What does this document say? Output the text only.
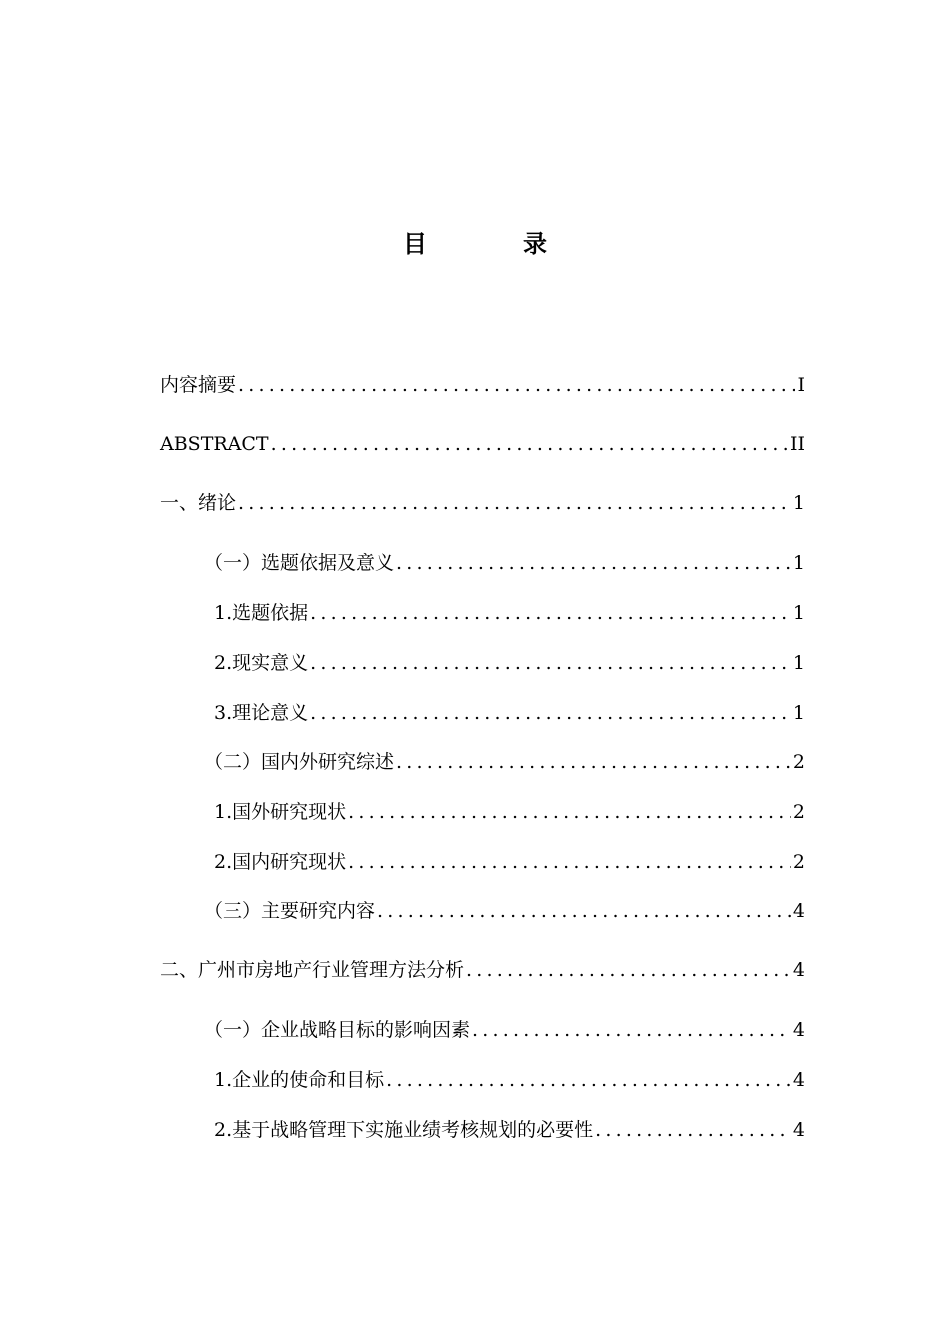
目　录
内容摘要 .....	I
ABSTRACT .....	II
一、绪论 .....	1
（一）选题依据及意义 .....	1
1.选题依据 .....	1
2.现实意义 .....	1
3.理论意义 .....	1
（二）国内外研究综述 .....	2
1.国外研究现状 .....	2
2.国内研究现状 .....	2
（三）主要研究内容 .....	4
二、广州市房地产行业管理方法分析 .....	4
（一）企业战略目标的影响因素 .....	4
1.企业的使命和目标 .....	4
2.基于战略管理下实施业绩考核规划的必要性 .....	4
